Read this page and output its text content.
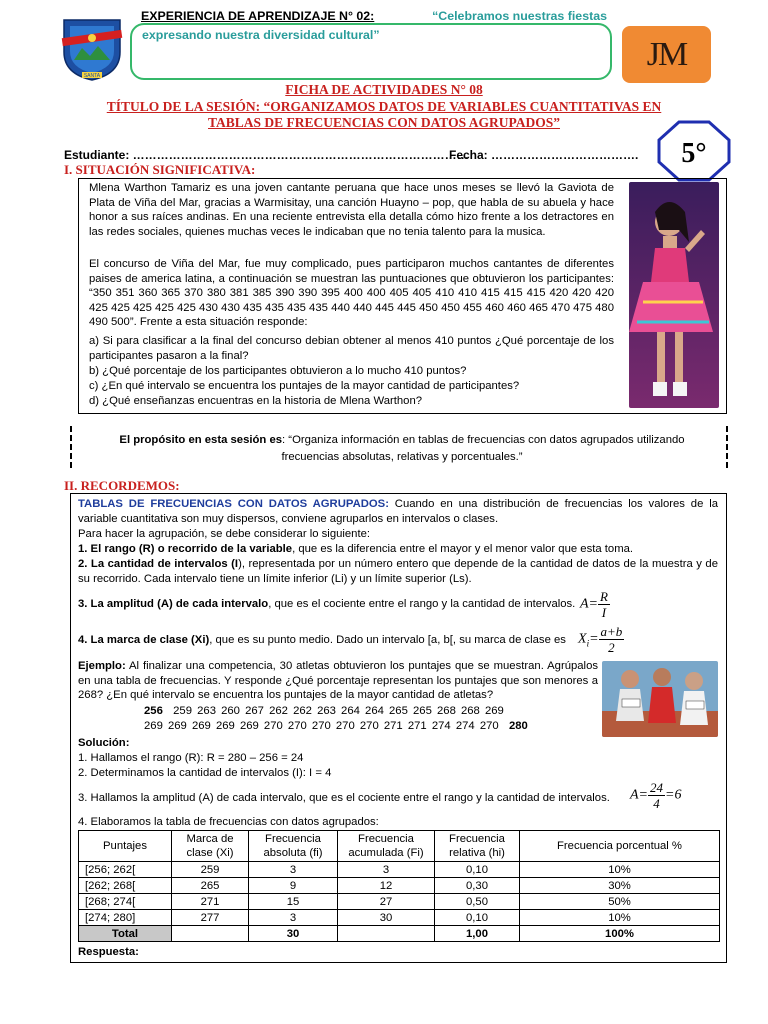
SANTA
EXPERIENCIA DE APRENDIZAJE N° 02:	“Celebramos nuestras fiestas
expresando nuestra diversidad cultural”
JM
FICHA DE ACTIVIDADES N° 08
TÍTULO DE LA SESIÓN: “ORGANIZAMOS DATOS DE VARIABLES CUANTITATIVAS EN
TABLAS DE FRECUENCIAS CON DATOS AGRUPADOS”
5°
Estudiante: …………………………………………………………………………
Fecha: ……………………………….
I. SITUACIÓN SIGNIFICATIVA:
Mlena Warthon Tamariz es una joven cantante peruana que hace unos meses se llevó la Gaviota de Plata de Viña del Mar, gracias a Warmisitay, una canción Huayno – pop, que habla de su abuela y hace honor a sus raíces andinas. En una reciente entrevista ella detalla cómo hizo frente a los detractores en las redes sociales, quienes muchas veces le indicaban que no tenia talento para la musica.
El concurso de Viña del Mar, fue muy complicado, pues participaron muchos cantantes de diferentes paises de america latina, a continuación se muestran las puntuaciones que obtuvieron los participantes: “350 351 360 365 370 380 381 385 390 390 395 400 400 405 405 410 410 415 415 415 420 420 420 425 425 425 425 425 430 430 435 435 435 435 440 440 445 445 450 450 455 460 460 465 470 475 480 490 500”. Frente a esta situación responde:
a) Si para clasificar a la final del concurso debian obtener al menos 410 puntos ¿Qué porcentaje de los participantes pasaron a la final?
b) ¿Qué porcentaje de los participantes obtuvieron a lo mucho 410 puntos?
c) ¿En qué intervalo se encuentra los puntajes de la mayor cantidad de participantes?
d) ¿Qué enseñanzas encuentras en la historia de Mlena Warthon?
El propósito en esta sesión es: “Organiza información en tablas de frecuencias con datos agrupados utilizando frecuencias absolutas, relativas y porcentuales.”
II. RECORDEMOS:
TABLAS DE FRECUENCIAS CON DATOS AGRUPADOS: Cuando en una distribución de frecuencias los valores de la variable cuantitativa son muy dispersos, conviene agruparlos en intervalos o clases.
Para hacer la agrupación, se debe considerar lo siguiente:
1. El rango (R) o recorrido de la variable, que es la diferencia entre el mayor y el menor valor que esta toma.
2. La cantidad de intervalos (I), representada por un número entero que depende de la cantidad de datos de la muestra y de su recorrido. Cada intervalo tiene un límite inferior (Li) y un límite superior (Ls).
3. La amplitud (A) de cada intervalo, que es el cociente entre el rango y la cantidad de intervalos. $A= \frac{R}{I}$
4. La marca de clase (Xi), que es su punto medio. Dado un intervalo [a, b[, su marca de clase es $X_i= \frac{a+b}{2}$
Ejemplo: Al finalizar una competencia, 30 atletas obtuvieron los puntajes que se muestran. Agrúpalos en una tabla de frecuencias. Y responde ¿Qué porcentaje representan los puntajes que son menores a 268? ¿En qué intervalo se encuentra los puntajes de la mayor cantidad de atletas?
256 259 263 260 267 262 262 263 264 264 265 265 268 268 269
269 269 269 269 269 270 270 270 270 270 271 271 274 274 270 280
Solución:
1. Hallamos el rango (R): R = 280 – 256 = 24
2. Determinamos la cantidad de intervalos (I): I = 4
3. Hallamos la amplitud (A) de cada intervalo, que es el cociente entre el rango y la cantidad de intervalos.	$A= \frac{24}{4} =6$
4. Elaboramos la tabla de frecuencias con datos agrupados:
Puntajes	Marca de clase (Xi)	Frecuencia absoluta (fi)	Frecuencia acumulada (Fi)	Frecuencia relativa (hi)	Frecuencia porcentual %
[256; 262[	259	3	3	0,10	10%
[262; 268[	265	9	12	0,30	30%
[268; 274[	271	15	27	0,50	50%
[274; 280]	277	3	30	0,10	10%
Total		30		1,00	100%
Respuesta:
